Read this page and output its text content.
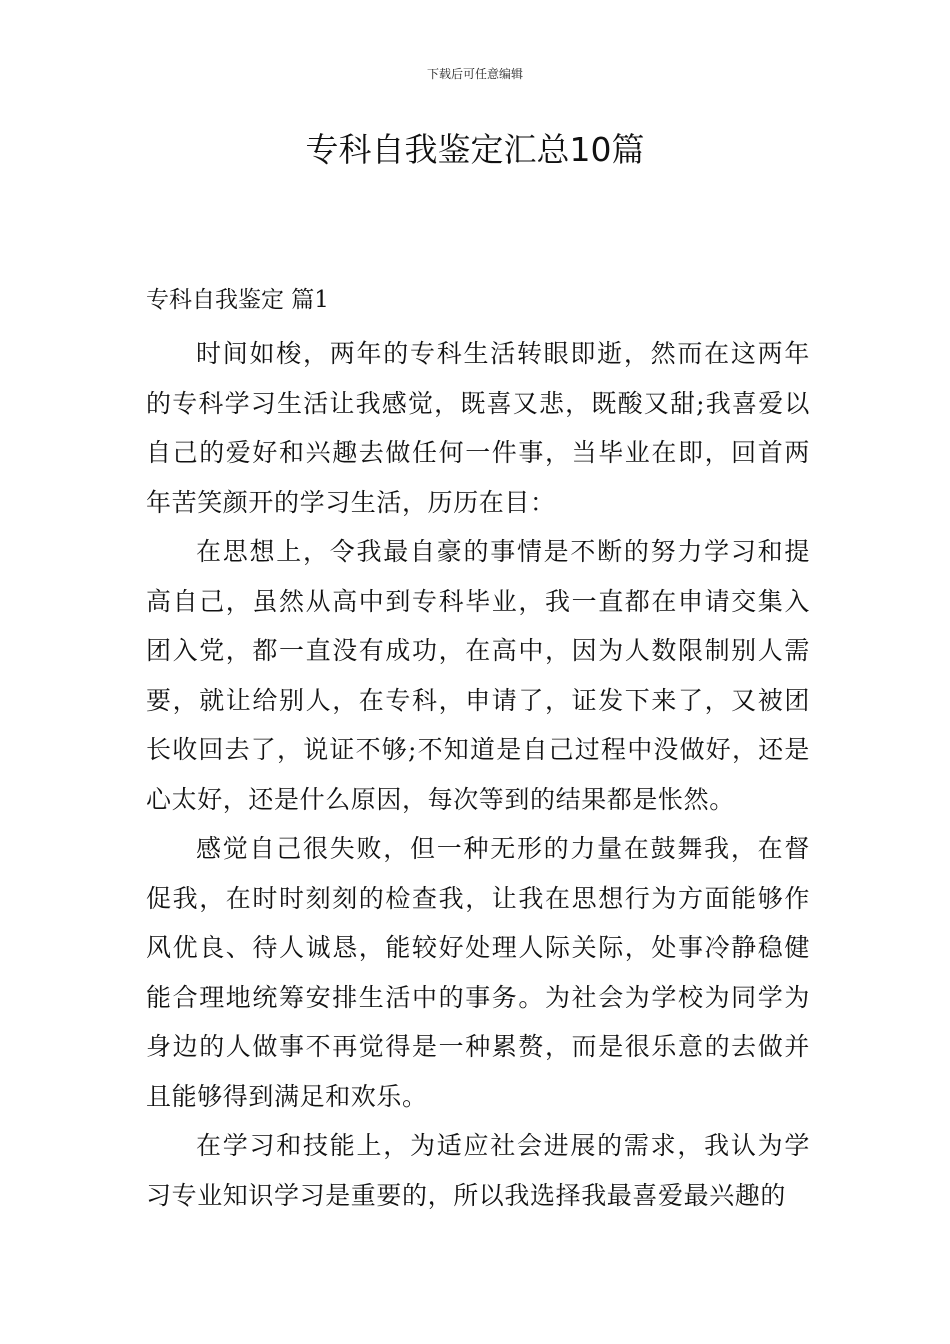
下载后可任意编辑
专科自我鉴定汇总10篇
专科自我鉴定 篇1

时间如梭，两年的专科生活转眼即逝，然而在这两年的专科学习生活让我感觉，既喜又悲，既酸又甜;我喜爱以自己的爱好和兴趣去做任何一件事，当毕业在即，回首两年苦笑颜开的学习生活，历历在目：

在思想上，令我最自豪的事情是不断的努力学习和提高自己，虽然从高中到专科毕业，我一直都在申请交集入团入党，都一直没有成功，在高中，因为人数限制别人需要，就让给别人，在专科，申请了，证发下来了，又被团长收回去了，说证不够;不知道是自己过程中没做好，还是心太好，还是什么原因，每次等到的结果都是怅然。

感觉自己很失败，但一种无形的力量在鼓舞我，在督促我，在时时刻刻的检查我，让我在思想行为方面能够作风优良、待人诚恳，能较好处理人际关际，处事冷静稳健能合理地统筹安排生活中的事务。为社会为学校为同学为身边的人做事不再觉得是一种累赘，而是很乐意的去做并且能够得到满足和欢乐。

在学习和技能上，为适应社会进展的需求，我认为学习专业知识学习是重要的，所以我选择我最喜爱最兴趣的
